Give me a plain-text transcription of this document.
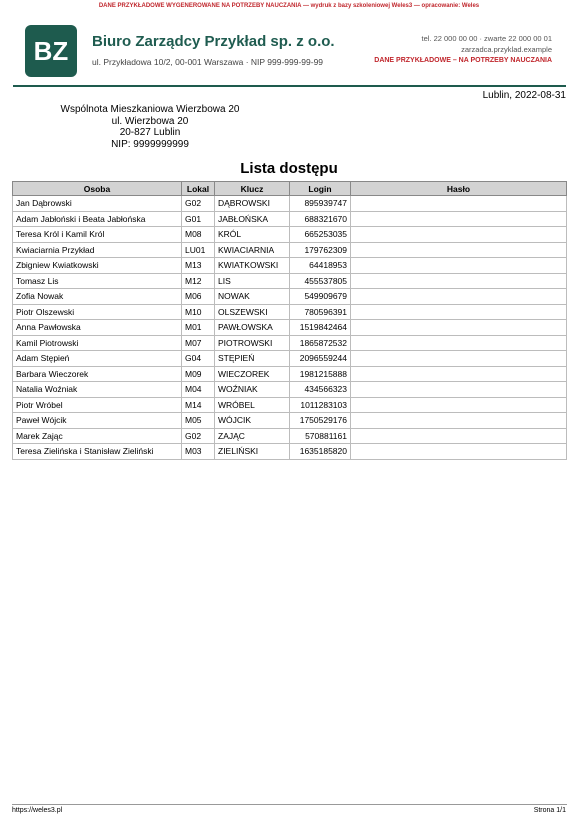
DANE PRZYKŁADOWE WYGENEROWANE NA POTRZEBY NAUCZANIA — wydruk z bazy szkoleniowej Weles3 — opracowanie: Weles
BZ	Biuro Zarządcy Przykład sp. z o.o.
ul. Przykładowa 10/2, 00-001 Warszawa · NIP 999-999-99-99
tel. 22 000 00 00 · zwarte 22 000 00 01
zarzadca.przyklad.example
DANE PRZYKŁADOWE – NA POTRZEBY NAUCZANIA
Lublin, 2022-08-31
Wspólnota Mieszkaniowa Wierzbowa 20
ul. Wierzbowa 20
20-827 Lublin
NIP: 9999999999
Lista dostępu
Osoba	Lokal	Klucz	Login	Hasło
Jan Dąbrowski	G02	DĄBROWSKI	895939747	
Adam Jabłoński i Beata Jabłońska	G01	JABŁOŃSKA	688321670	
Teresa Król i Kamil Król	M08	KRÓL	665253035	
Kwiaciarnia Przykład	LU01	KWIACIARNIA	179762309	
Zbigniew Kwiatkowski	M13	KWIATKOWSKI	64418953	
Tomasz Lis	M12	LIS	455537805	
Zofia Nowak	M06	NOWAK	549909679	
Piotr Olszewski	M10	OLSZEWSKI	780596391	
Anna Pawłowska	M01	PAWŁOWSKA	1519842464	
Kamil Piotrowski	M07	PIOTROWSKI	1865872532	
Adam Stępień	G04	STĘPIEŃ	2096559244	
Barbara Wieczorek	M09	WIECZOREK	1981215888	
Natalia Woźniak	M04	WOŹNIAK	434566323	
Piotr Wróbel	M14	WRÓBEL	1011283103	
Paweł Wójcik	M05	WÓJCIK	1750529176	
Marek Zając	G02	ZAJĄC	570881161	
Teresa Zielińska i Stanisław Zieliński	M03	ZIELIŃSKI	1635185820	
https://weles3.pl	Strona 1/1
